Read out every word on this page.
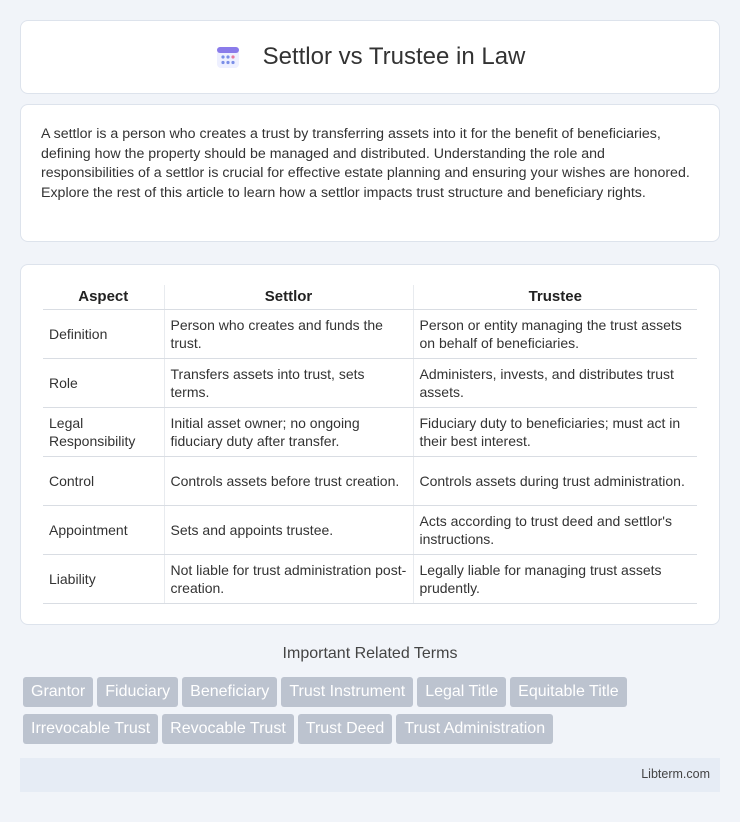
Settlor vs Trustee in Law

A settlor is a person who creates a trust by transferring assets into it for the benefit of beneficiaries, defining how the property should be managed and distributed. Understanding the role and responsibilities of a settlor is crucial for effective estate planning and ensuring your wishes are honored. Explore the rest of this article to learn how a settlor impacts trust structure and beneficiary rights.

Aspect	Settlor	Trustee
Definition	Person who creates and funds the trust.	Person or entity managing the trust assets on behalf of beneficiaries.
Role	Transfers assets into trust, sets terms.	Administers, invests, and distributes trust assets.
Legal Responsibility	Initial asset owner; no ongoing fiduciary duty after transfer.	Fiduciary duty to beneficiaries; must act in their best interest.
Control	Controls assets before trust creation.	Controls assets during trust administration.
Appointment	Sets and appoints trustee.	Acts according to trust deed and settlor's instructions.
Liability	Not liable for trust administration post-creation.	Legally liable for managing trust assets prudently.
Important Related Terms
Grantor Fiduciary Beneficiary Trust Instrument Legal Title Equitable Title
Irrevocable Trust Revocable Trust Trust Deed Trust Administration
Libterm.com
